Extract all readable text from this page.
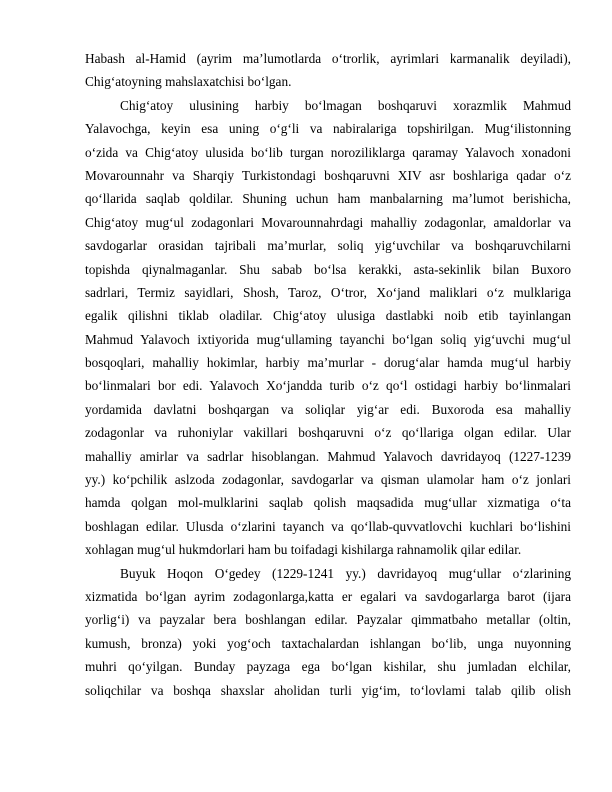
Habash al-Hamid (ayrim ma’lumotlarda o‘trorlik, ayrimlari karmanalik deyiladi),
Chig‘atoyning mahslaxatchisi bo‘lgan.
Chig‘atoy ulusining harbiy bo‘lmagan boshqaruvi xorazmlik Mahmud
Yalavochga, keyin esa uning o‘g‘li va nabiralariga topshirilgan. Mug‘ilistonning
o‘zida va Chig‘atoy ulusida bo‘lib turgan noroziliklarga qaramay Yalavoch xonadoni
Movarounnahr va Sharqiy Turkistondagi boshqaruvni XIV asr boshlariga qadar o‘z
qo‘llarida saqlab qoldilar. Shuning uchun ham manbalarning ma’lumot berishicha,
Chig‘atoy mug‘ul zodagonlari Movarounnahrdagi mahalliy zodagonlar, amaldorlar va
savdogarlar orasidan tajribali ma’murlar, soliq yig‘uvchilar va boshqaruvchilarni
topishda qiynalmaganlar. Shu sabab bo‘lsa kerakki, asta-sekinlik bilan Buxoro
sadrlari, Termiz sayidlari, Shosh, Taroz, O‘tror, Xo‘jand maliklari o‘z mulklariga
egalik qilishni tiklab oladilar. Chig‘atoy ulusiga dastlabki noib etib tayinlangan
Mahmud Yalavoch ixtiyorida mug‘ullaming tayanchi bo‘lgan soliq yig‘uvchi mug‘ul
bosqoqlari, mahalliy hokimlar, harbiy ma’murlar - dorug‘alar hamda mug‘ul harbiy
bo‘linmalari bor edi. Yalavoch Xo‘jandda turib o‘z qo‘l ostidagi harbiy bo‘linmalari
yordamida davlatni boshqargan va soliqlar yig‘ar edi. Buxoroda esa mahalliy
zodagonlar va ruhoniylar vakillari boshqaruvni o‘z qo‘llariga olgan edilar. Ular
mahalliy amirlar va sadrlar hisoblangan. Mahmud Yalavoch davridayoq (1227-1239
yy.) ko‘pchilik aslzoda zodagonlar, savdogarlar va qisman ulamolar ham o‘z jonlari
hamda qolgan mol-mulklarini saqlab qolish maqsadida mug‘ullar xizmatiga o‘ta
boshlagan edilar. Ulusda o‘zlarini tayanch va qo‘llab-quvvatlovchi kuchlari bo‘lishini
xohlagan mug‘ul hukmdorlari ham bu toifadagi kishilarga rahnamolik qilar edilar.
Buyuk Hoqon O‘gedey (1229-1241 yy.) davridayoq mug‘ullar o‘zlarining
xizmatida bo‘lgan ayrim zodagonlarga,katta er egalari va savdogarlarga barot (ijara
yorlig‘i) va payzalar bera boshlangan edilar. Payzalar qimmatbaho metallar (oltin,
kumush, bronza) yoki yog‘och taxtachalardan ishlangan bo‘lib, unga nuyonning
muhri qo‘yilgan. Bunday payzaga ega bo‘lgan kishilar, shu jumladan elchilar,
soliqchilar va boshqa shaxslar aholidan turli yig‘im, to‘lovlami talab qilib olish
